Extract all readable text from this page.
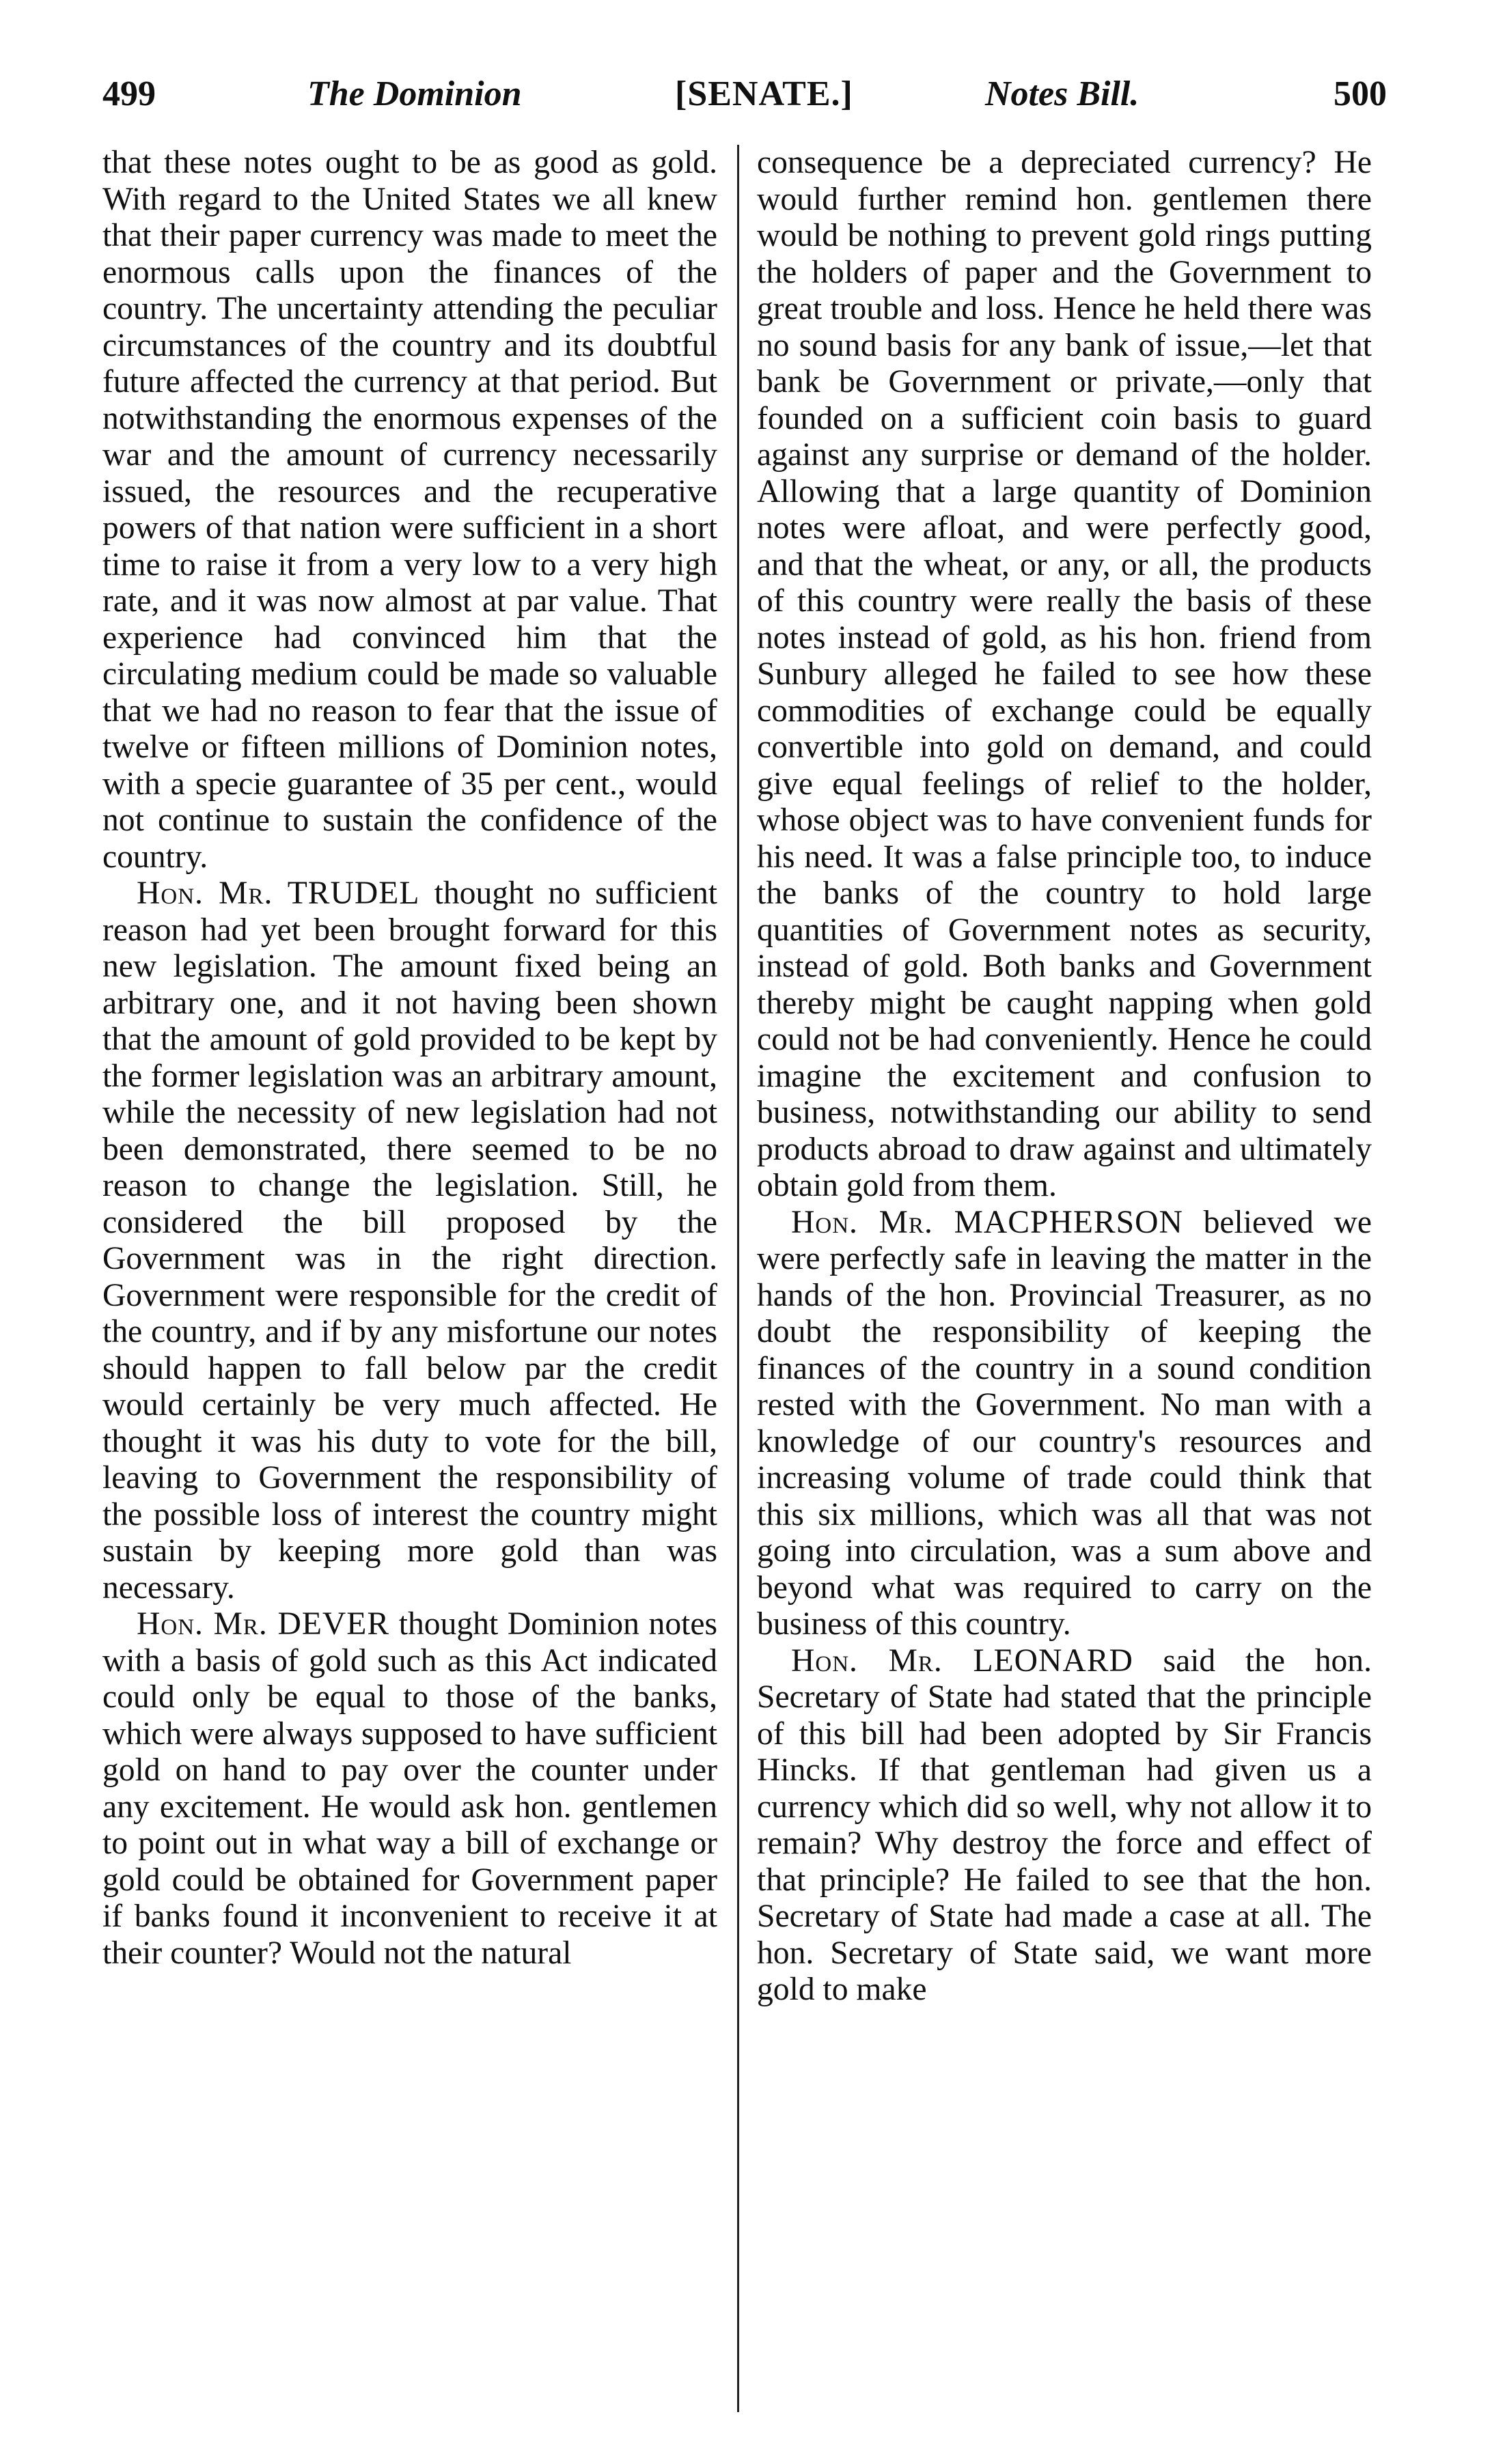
499	The Dominion	[SENATE.]	Notes Bill.	500

that these notes ought to be as good as gold. With regard to the United States we all knew that their paper currency was made to meet the enormous calls upon the finances of the country. The uncertainty attending the peculiar circumstances of the country and its doubtful future affected the currency at that period. But notwithstanding the enormous expenses of the war and the amount of currency necessarily issued, the resources and the recuperative powers of that nation were sufficient in a short time to raise it from a very low to a very high rate, and it was now almost at par value. That experience had convinced him that the circulating medium could be made so valuable that we had no reason to fear that the issue of twelve or fifteen millions of Dominion notes, with a specie guarantee of 35 per cent., would not continue to sustain the confidence of the country.

Hon. Mr. TRUDEL thought no sufficient reason had yet been brought forward for this new legislation. The amount fixed being an arbitrary one, and it not having been shown that the amount of gold provided to be kept by the former legislation was an arbitrary amount, while the necessity of new legislation had not been demonstrated, there seemed to be no reason to change the legislation. Still, he considered the bill proposed by the Government was in the right direction. Government were responsible for the credit of the country, and if by any misfortune our notes should happen to fall below par the credit would certainly be very much affected. He thought it was his duty to vote for the bill, leaving to Government the responsibility of the possible loss of interest the country might sustain by keeping more gold than was necessary.

Hon. Mr. DEVER thought Dominion notes with a basis of gold such as this Act indicated could only be equal to those of the banks, which were always supposed to have sufficient gold on hand to pay over the counter under any excitement. He would ask hon. gentlemen to point out in what way a bill of exchange or gold could be obtained for Government paper if banks found it inconvenient to receive it at their counter? Would not the natural

consequence be a depreciated currency? He would further remind hon. gentlemen there would be nothing to prevent gold rings putting the holders of paper and the Government to great trouble and loss. Hence he held there was no sound basis for any bank of issue,—let that bank be Government or private,—only that founded on a sufficient coin basis to guard against any surprise or demand of the holder. Allowing that a large quantity of Dominion notes were afloat, and were perfectly good, and that the wheat, or any, or all, the products of this country were really the basis of these notes instead of gold, as his hon. friend from Sunbury alleged he failed to see how these commodities of exchange could be equally convertible into gold on demand, and could give equal feelings of relief to the holder, whose object was to have convenient funds for his need. It was a false principle too, to induce the banks of the country to hold large quantities of Government notes as security, instead of gold. Both banks and Government thereby might be caught napping when gold could not be had conveniently. Hence he could imagine the excitement and confusion to business, notwithstanding our ability to send products abroad to draw against and ultimately obtain gold from them.

Hon. Mr. MACPHERSON believed we were perfectly safe in leaving the matter in the hands of the hon. Provincial Treasurer, as no doubt the responsibility of keeping the finances of the country in a sound condition rested with the Government. No man with a knowledge of our country's resources and increasing volume of trade could think that this six millions, which was all that was not going into circulation, was a sum above and beyond what was required to carry on the business of this country.

Hon. Mr. LEONARD said the hon. Secretary of State had stated that the principle of this bill had been adopted by Sir Francis Hincks. If that gentleman had given us a currency which did so well, why not allow it to remain? Why destroy the force and effect of that principle? He failed to see that the hon. Secretary of State had made a case at all. The hon. Secretary of State said, we want more gold to make
